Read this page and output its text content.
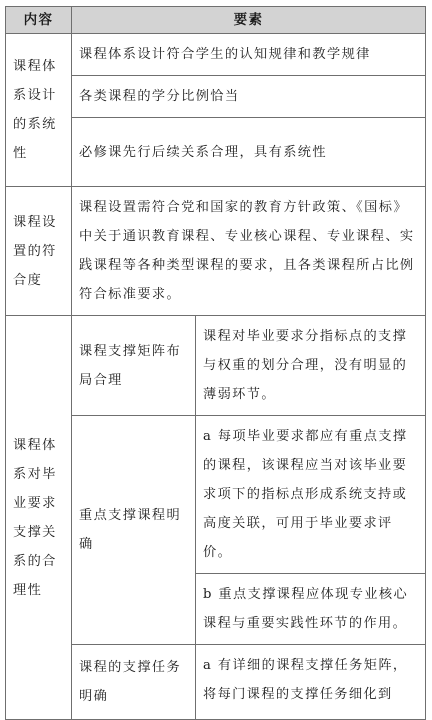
内容	要素	
课程体系设计的系统性	课程体系设计符合学生的认知规律和教学规律	
	各类课程的学分比例恰当	
	必修课先行后续关系合理，具有系统性	
课程设置的符合度	课程设置需符合党和国家的教育方针政策、《国标》中关于通识教育课程、专业核心课程、专业课程、实践课程等各种类型课程的要求，且各类课程所占比例符合标准要求。	
课程体系对毕业要求支撑关系的合理性	课程支撑矩阵布局合理	课程对毕业要求分指标点的支撑与权重的划分合理，没有明显的薄弱环节。
	重点支撑课程明确	a 每项毕业要求都应有重点支撑的课程，该课程应当对该毕业要求项下的指标点形成系统支持或高度关联，可用于毕业要求评价。
		b 重点支撑课程应体现专业核心课程与重要实践性环节的作用。
	课程的支撑任务明确	a 有详细的课程支撑任务矩阵，将每门课程的支撑任务细化到
